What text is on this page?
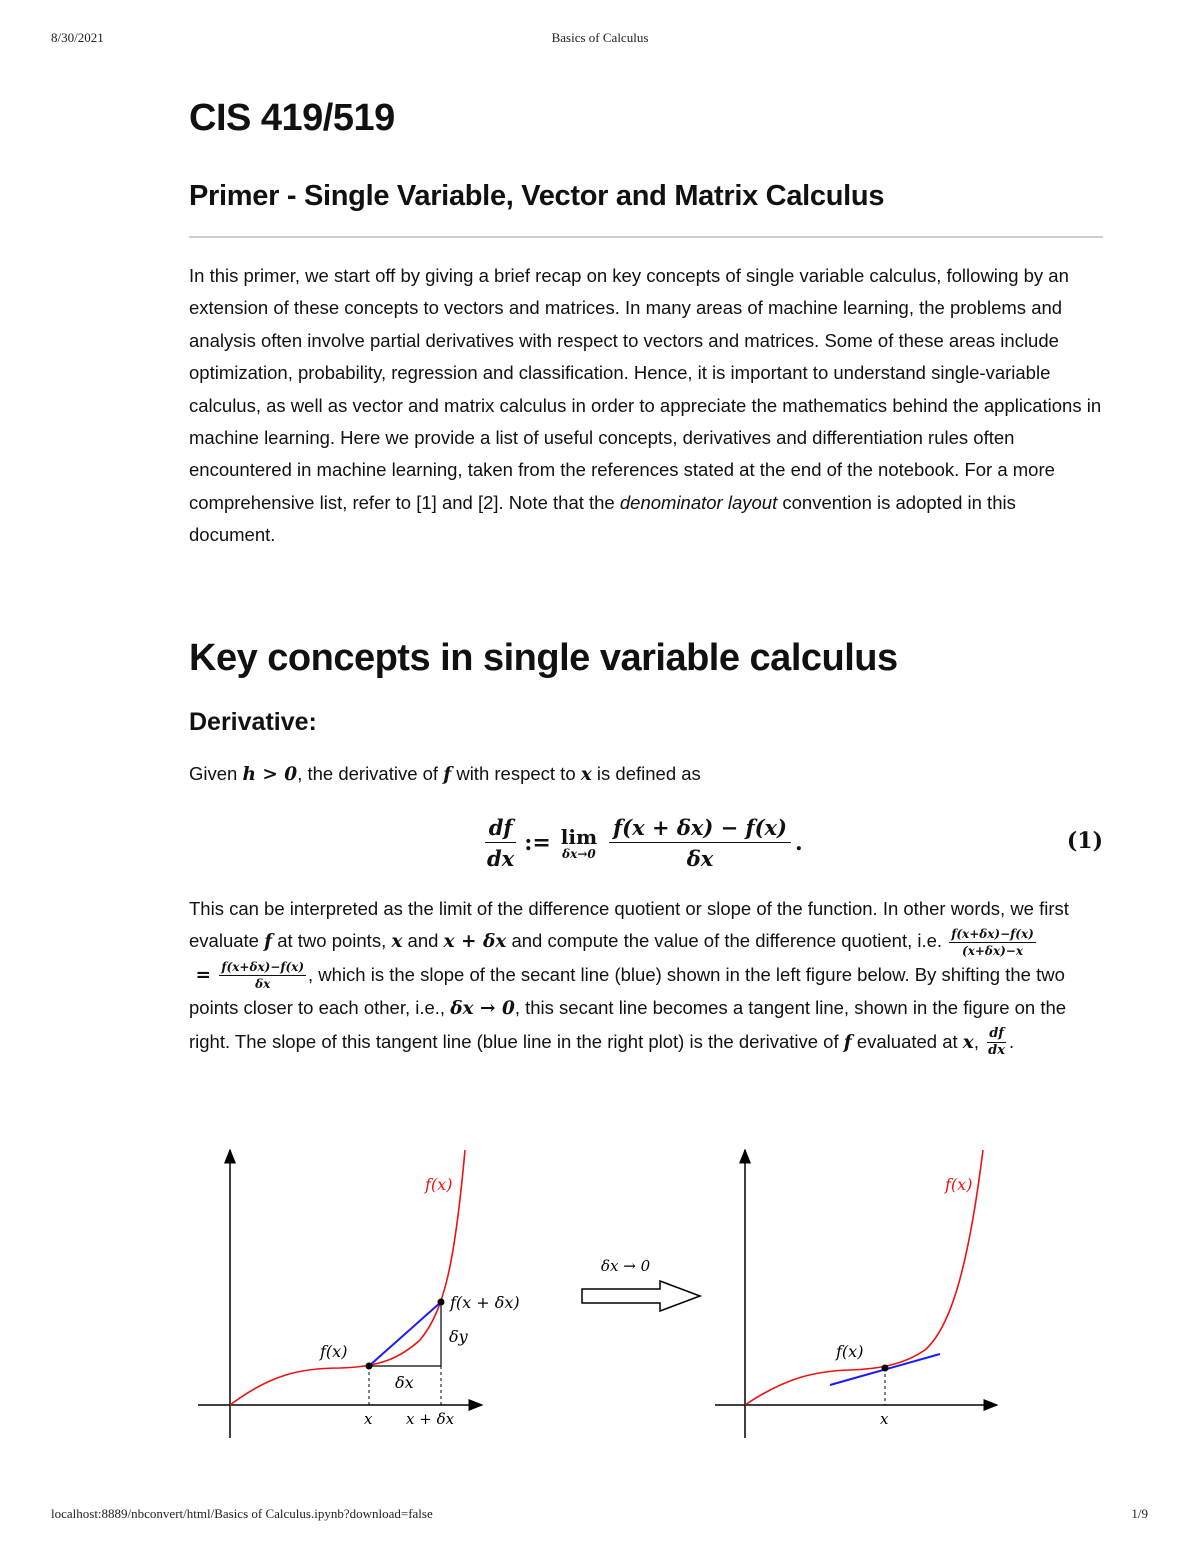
8/30/2021	Basics of Calculus
CIS 419/519
Primer - Single Variable, Vector and Matrix Calculus

In this primer, we start off by giving a brief recap on key concepts of single variable calculus, following by an extension of these concepts to vectors and matrices. In many areas of machine learning, the problems and analysis often involve partial derivatives with respect to vectors and matrices. Some of these areas include optimization, probability, regression and classification. Hence, it is important to understand single-variable calculus, as well as vector and matrix calculus in order to appreciate the mathematics behind the applications in machine learning. Here we provide a list of useful concepts, derivatives and differentiation rules often encountered in machine learning, taken from the references stated at the end of the notebook. For a more comprehensive list, refer to [1] and [2]. Note that the denominator layout convention is adopted in this document.

Key concepts in single variable calculus
Derivative:

Given h > 0, the derivative of f with respect to x is defined as

$\frac{df}{dx}$ := lim
$\delta x\to 0 \frac{f(x + \delta x) - f(x)}{\delta x}$ .	(1)

This can be interpreted as the limit of the difference quotient or slope of the function. In other words, we first evaluate f at two points, x and x + δx and compute the value of the difference quotient, i.e. $\frac{f(x+\delta x)-f(x)}{(x+\delta x)-x}$
= $\frac{f(x+\delta x)-f(x)}{\delta x}$ , which is the slope of the secant line (blue) shown in the left figure below. By shifting the two points closer to each other, i.e., δx → 0, this secant line becomes a tangent line, shown in the figure on the right. The slope of this tangent line (blue line in the right plot) is the derivative of f evaluated at x, $\frac{df}{dx}$ .

f(x)
f(x)
f(x + δx)
δy
δx
x x + δx
δx → 0
f(x)
f(x)
x
localhost:8889/nbconvert/html/Basics of Calculus.ipynb?download=false	1/9
